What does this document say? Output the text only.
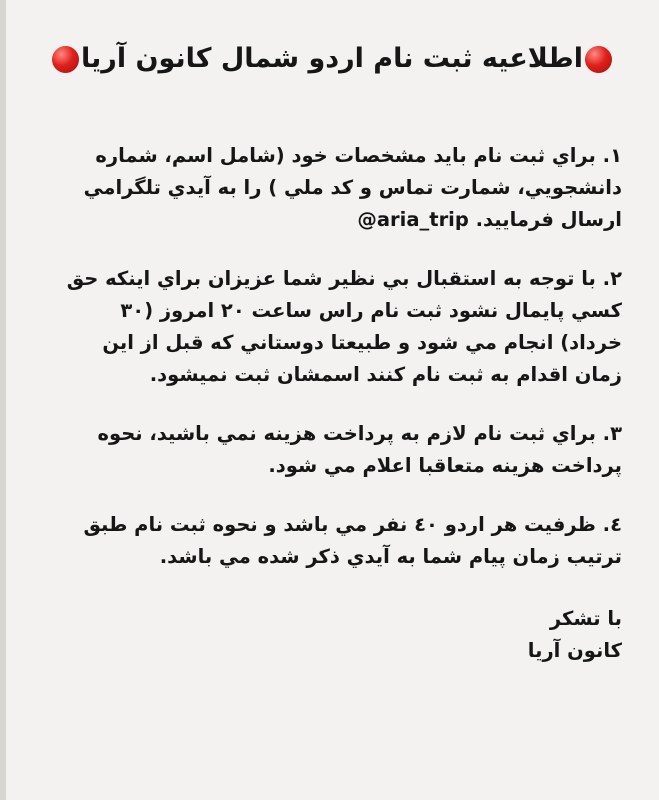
اطلاعیه ثبت نام اردو شمال کانون آریا
۱. براي ثبت نام بايد مشخصات خود (شامل اسم، شماره
دانشجويي، شمارت تماس و كد ملي ) را به آيدي تلگرامي
ارسال فرماييد. @aria_trip
۲. با توجه به استقبال بي نظير شما عزيزان براي اينكه حق
كسي پايمال نشود ثبت نام راس ساعت ۲۰ امروز (۳۰
خرداد) انجام مي شود و طبيعتا دوستاني كه قبل از اين
زمان اقدام به ثبت نام كنند اسمشان ثبت نميشود.
۳. براي ثبت نام لازم به پرداخت هزينه نمي باشيد، نحوه
پرداخت هزينه متعاقبا اعلام مي شود.
٤. ظرفيت هر اردو ٤٠ نفر مي باشد و نحوه ثبت نام طبق
ترتيب زمان پيام شما به آيدي ذكر شده مي باشد.
با تشكر
كانون آريا
